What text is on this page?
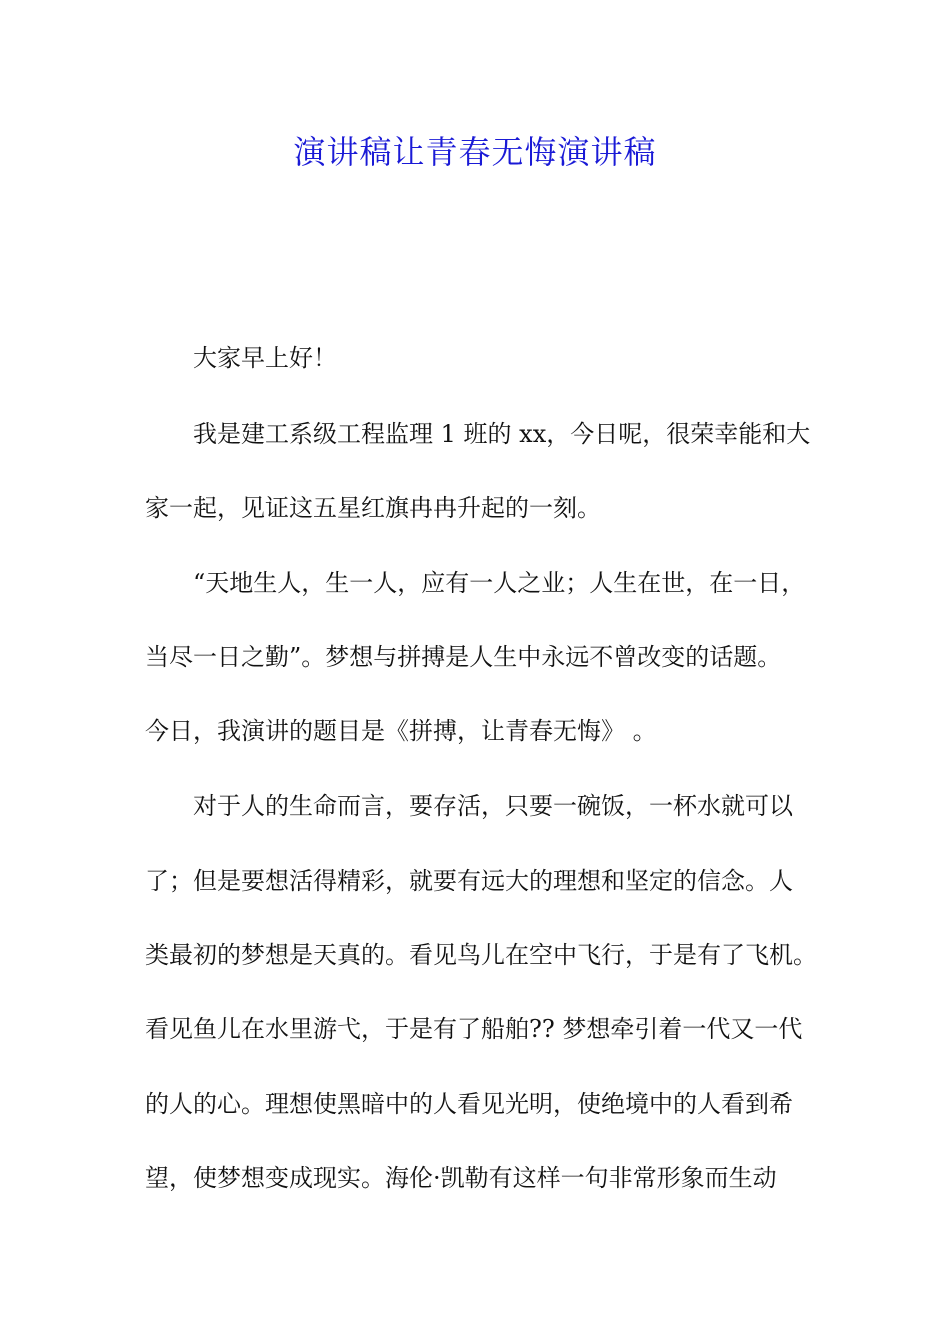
演讲稿让青春无悔演讲稿
大家早上好！
我是建工系级工程监理 1 班的 xx，今日呢，很荣幸能和大
家一起，见证这五星红旗冉冉升起的一刻。
“天地生人，生一人，应有一人之业；人生在世，在一日，
当尽一日之勤”。梦想与拼搏是人生中永远不曾改变的话题。
今日，我演讲的题目是《拼搏，让青春无悔》 。
对于人的生命而言，要存活，只要一碗饭，一杯水就可以
了；但是要想活得精彩，就要有远大的理想和坚定的信念。人
类最初的梦想是天真的。看见鸟儿在空中飞行，于是有了飞机。
看见鱼儿在水里游弋，于是有了船舶?? 梦想牵引着一代又一代
的人的心。理想使黑暗中的人看见光明，使绝境中的人看到希
望，使梦想变成现实。海伦·凯勒有这样一句非常形象而生动
